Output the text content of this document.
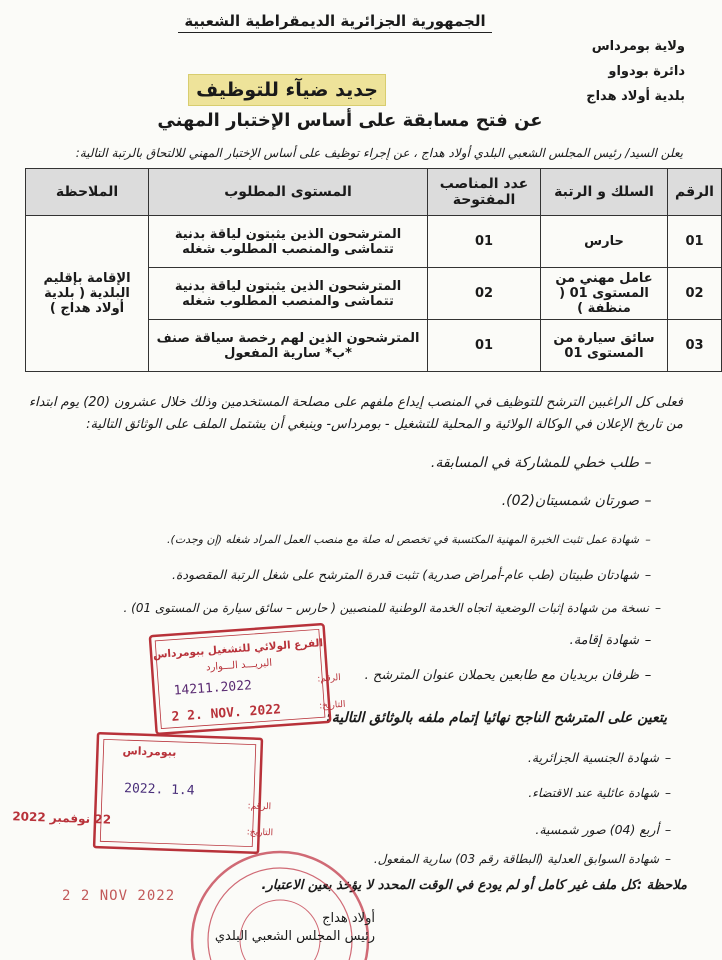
الجمهورية الجزائرية الديمقراطية الشعبية
ولاية بومرداس
دائرة بودواو
بلدية أولاد هداج
جديد ضيآء للتوظيف
عن فتح مسابقة على أساس الإختبار المهني
يعلن السيد/ رئيس المجلس الشعبي البلدي أولاد هداج ، عن إجراء توظيف على أساس الإختبار المهني للالتحاق بالرتبة التالية:
الرقم	السلك و الرتبة	عدد المناصب المفتوحة	المستوى المطلوب	الملاحظة
01	حارس	01	المترشحون الذين يثبتون لياقة بدنية تتماشى والمنصب المطلوب شغله	الإقامة بإقليم البلدية ( بلدية أولاد هداج )
02	عامل مهني من المستوى 01 ( منظفة )	02	المترشحون الذين يثبتون لياقة بدنية تتماشى والمنصب المطلوب شغله	
03	سائق سيارة من المستوى 01	01	المترشحون الذين لهم رخصة سياقة صنف *ب* سارية المفعول	
فعلى كل الراغبين الترشح للتوظيف في المنصب إيداع ملفهم على مصلحة المستخدمين وذلك خلال عشرون (20) يوم ابتداء من تاريخ الإعلان في الوكالة الولائية و المحلية للتشغيل - بومرداس- وينبغي أن يشتمل الملف على الوثائق التالية:
–طلب خطي للمشاركة في المسابقة.
–صورتان شمسيتان(02).
–شهادة عمل تثبت الخبرة المهنية المكتسبة في تخصص له صلة مع منصب العمل المراد شغله (إن وجدت).
–شهادتان طبيتان (طب عام-أمراض صدرية) تثبت قدرة المترشح على شغل الرتبة المقصودة.
–نسخة من شهادة إثبات الوضعية اتجاه الخدمة الوطنية للمنصبين ( حارس – سائق سيارة من المستوى 01) .
–شهادة إقامة.
–ظرفان بريديان مع طابعين يحملان عنوان المترشح .
يتعين على المترشح الناجح نهائيا إتمام ملفه بالوثائق التالية:
–شهادة الجنسية الجزائرية.
–شهادة عائلية عند الاقتضاء.
–أربع (04) صور شمسية.
–شهادة السوابق العدلية (البطاقة رقم 03) سارية المفعول.
ملاحظة :كل ملف غير كامل أو لم يودع في الوقت المحدد لا يؤخذ بعين الاعتبار.
الفرع الولائي للتشغيل ببومرداس
البريـــد الـــوارد
الرقم:
14211.2022
التاريخ:
2 2. NOV. 2022
ببومرداس
الرقم:
2022. 1.4
التاريخ:
22 نوفمبر 2022
2 2 NOV 2022
أولاد هداج
رئيس المجلس الشعبي البلدي
